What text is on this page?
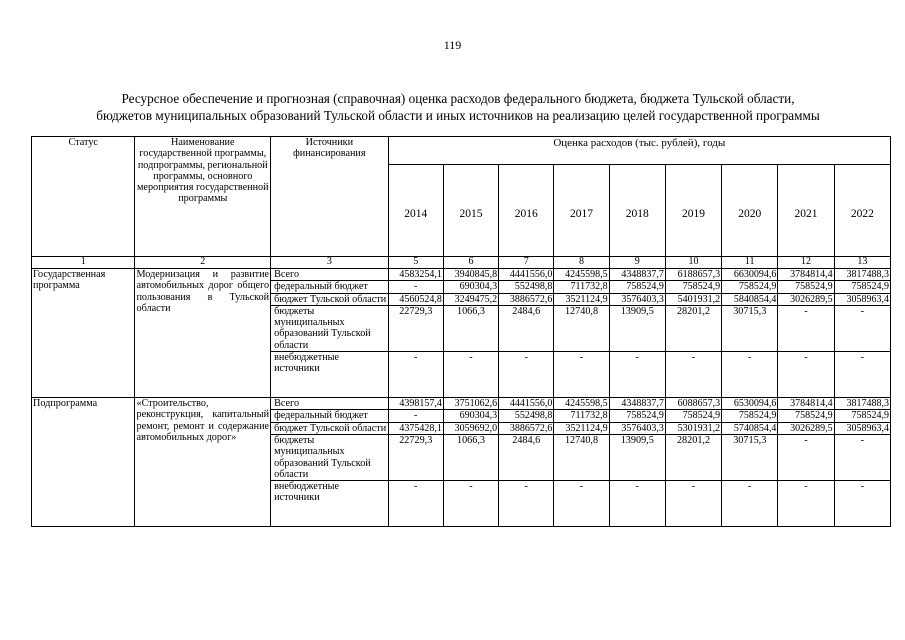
119
Ресурсное обеспечение и прогнозная (справочная) оценка расходов федерального бюджета, бюджета Тульской области,
бюджетов муниципальных образований Тульской области и иных источников на реализацию целей государственной программы
Статус	Наименование государственной программы, подпрограммы, региональной программы, основного мероприятия государственной программы	Источники финансирования	Оценка расходов (тыс. рублей), годы								
			2014	2015	2016	2017	2018	2019	2020	2021	2022
1	2	3	5	6	7	8	9	10	11	12	13
Государственная программа	Модернизация и развитие автомобильных дорог общего пользования в Тульской области	Всего	4583254,1	3940845,8	4441556,0	4245598,5	4348837,7	6188657,3	6630094,6	3784814,4	3817488,3
		федеральный бюджет	-	690304,3	552498,8	711732,8	758524,9	758524,9	758524,9	758524,9	758524,9
		бюджет Тульской области	4560524,8	3249475,2	3886572,6	3521124,9	3576403,3	5401931,2	5840854,4	3026289,5	3058963,4
		бюджеты муниципальных образований Тульской области	22729,3	1066,3	2484,6	12740,8	13909,5	28201,2	30715,3	-	-
		внебюджетные источники	-	-	-	-	-	-	-	-	-
Подпрограмма	«Строительство, реконструкция, капитальный ремонт, ремонт и содержание автомобильных дорог»	Всего	4398157,4	3751062,6	4441556,0	4245598,5	4348837,7	6088657,3	6530094,6	3784814,4	3817488,3
		федеральный бюджет	-	690304,3	552498,8	711732,8	758524,9	758524,9	758524,9	758524,9	758524,9
		бюджет Тульской области	4375428,1	3059692,0	3886572,6	3521124,9	3576403,3	5301931,2	5740854,4	3026289,5	3058963,4
		бюджеты муниципальных образований Тульской области	22729,3	1066,3	2484,6	12740,8	13909,5	28201,2	30715,3	-	-
		внебюджетные источники	-	-	-	-	-	-	-	-	-
